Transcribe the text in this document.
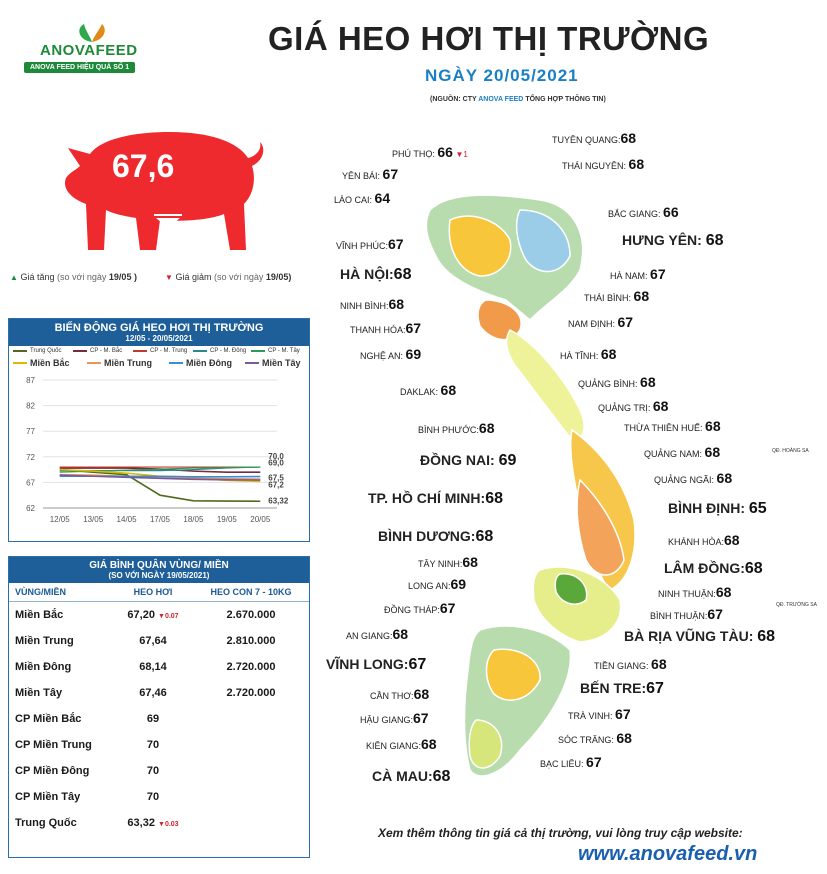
ANOVAFEED
ANOVA FEED HIỆU QUẢ SỐ 1
GIÁ HEO HƠI THỊ TRƯỜNG
NGÀY 20/05/2021
(NGUỒN: CTY ANOVA FEED TỔNG HỢP THÔNG TIN)
67,6
▲ Giá tăng (so với ngày 19/05 )	▼ Giá giảm (so với ngày 19/05)
BIẾN ĐỘNG GIÁ HEO HƠI THỊ TRƯỜNG
12/05 - 20/05/2021
Trung Quốc	CP - M. Bắc	CP - M. Trung	CP - M. Đông	CP - M. Tây
Miền Bắc	Miền Trung	Miền Đông	Miền Tây
62
67
72
77
82
87
12/05 13/05 14/05 17/05 18/05 19/05 20/05
70,0
69,0
67,5
67,2
63,32
GIÁ BÌNH QUÂN VÙNG/ MIỀN
(SO VỚI NGÀY 19/05/2021)
VÙNG/MIỀN	HEO HƠI	HEO CON 7 - 10KG
Miền Bắc	67,20 ▼0.07	2.670.000
Miền Trung	67,64	2.810.000
Miền Đông	68,14	2.720.000
Miền Tây	67,46	2.720.000
CP Miền Bắc	69	
CP Miền Trung	70	
CP Miền Đông	70	
CP Miền Tây	70	
Trung Quốc	63,32 ▼0.03	
QĐ. HOÀNG SA
QĐ. TRƯỜNG SA
PHÚ THỌ: 66 ▼1
TUYÊN QUANG:68
YÊN BÁI: 67	THÁI NGUYÊN: 68
LÀO CAI: 64
BẮC GIANG: 66
VĨNH PHÚC:67	HƯNG YÊN: 68
HÀ NỘI:68	HÀ NAM: 67
NINH BÌNH:68	THÁI BÌNH: 68
THANH HÓA:67	NAM ĐỊNH: 67
NGHỆ AN: 69	HÀ TĨNH: 68
DAKLAK: 68	QUẢNG BÌNH: 68
QUẢNG TRỊ: 68
BÌNH PHƯỚC:68	THỪA THIÊN HUẾ: 68
ĐỒNG NAI: 69	QUẢNG NAM: 68
QUẢNG NGÃI: 68
TP. HỒ CHÍ MINH:68
BÌNH ĐỊNH: 65
BÌNH DƯƠNG:68	KHÁNH HÒA:68
TÂY NINH:68	LÂM ĐỒNG:68
LONG AN:69
NINH THUẬN:68
ĐỒNG THÁP:67	BÌNH THUẬN:67
AN GIANG:68	BÀ RỊA VŨNG TÀU: 68
VĨNH LONG:67	TIỀN GIANG: 68
CẦN THƠ:68	BẾN TRE:67
HẬU GIANG:67	TRÀ VINH: 67
KIÊN GIANG:68	SÓC TRĂNG: 68
BẠC LIÊU: 67
CÀ MAU:68
Xem thêm thông tin giá cả thị trường, vui lòng truy cập website:
www.anovafeed.vn
